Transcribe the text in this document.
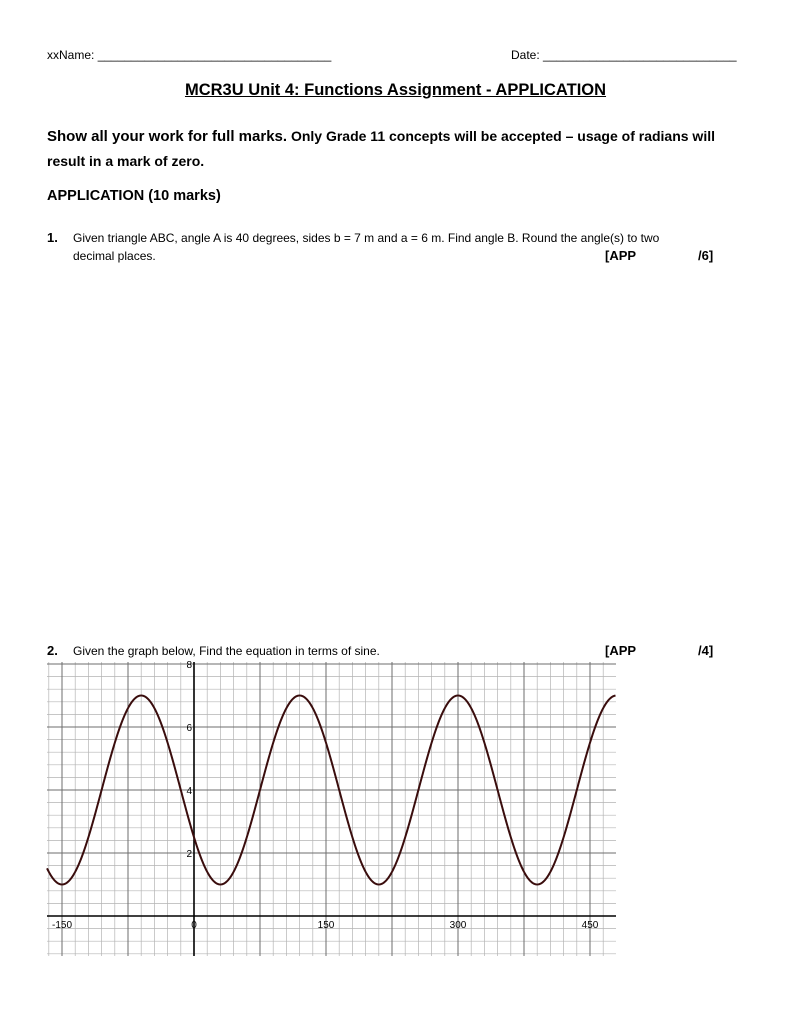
xxName: ___________________________________	Date: _____________________________
MCR3U Unit 4: Functions Assignment - APPLICATION
Show all your work for full marks. Only Grade 11 concepts will be accepted – usage of radians will result in a mark of zero.
APPLICATION (10 marks)
1. Given triangle ABC, angle A is 40 degrees, sides b = 7 m and a = 6 m. Find angle B. Round the angle(s) to two
decimal places.	[APP	/6]
2. Given the graph below, Find the equation in terms of sine.	[APP	/4]
-150	0	150	300	450
2
4
6
8
